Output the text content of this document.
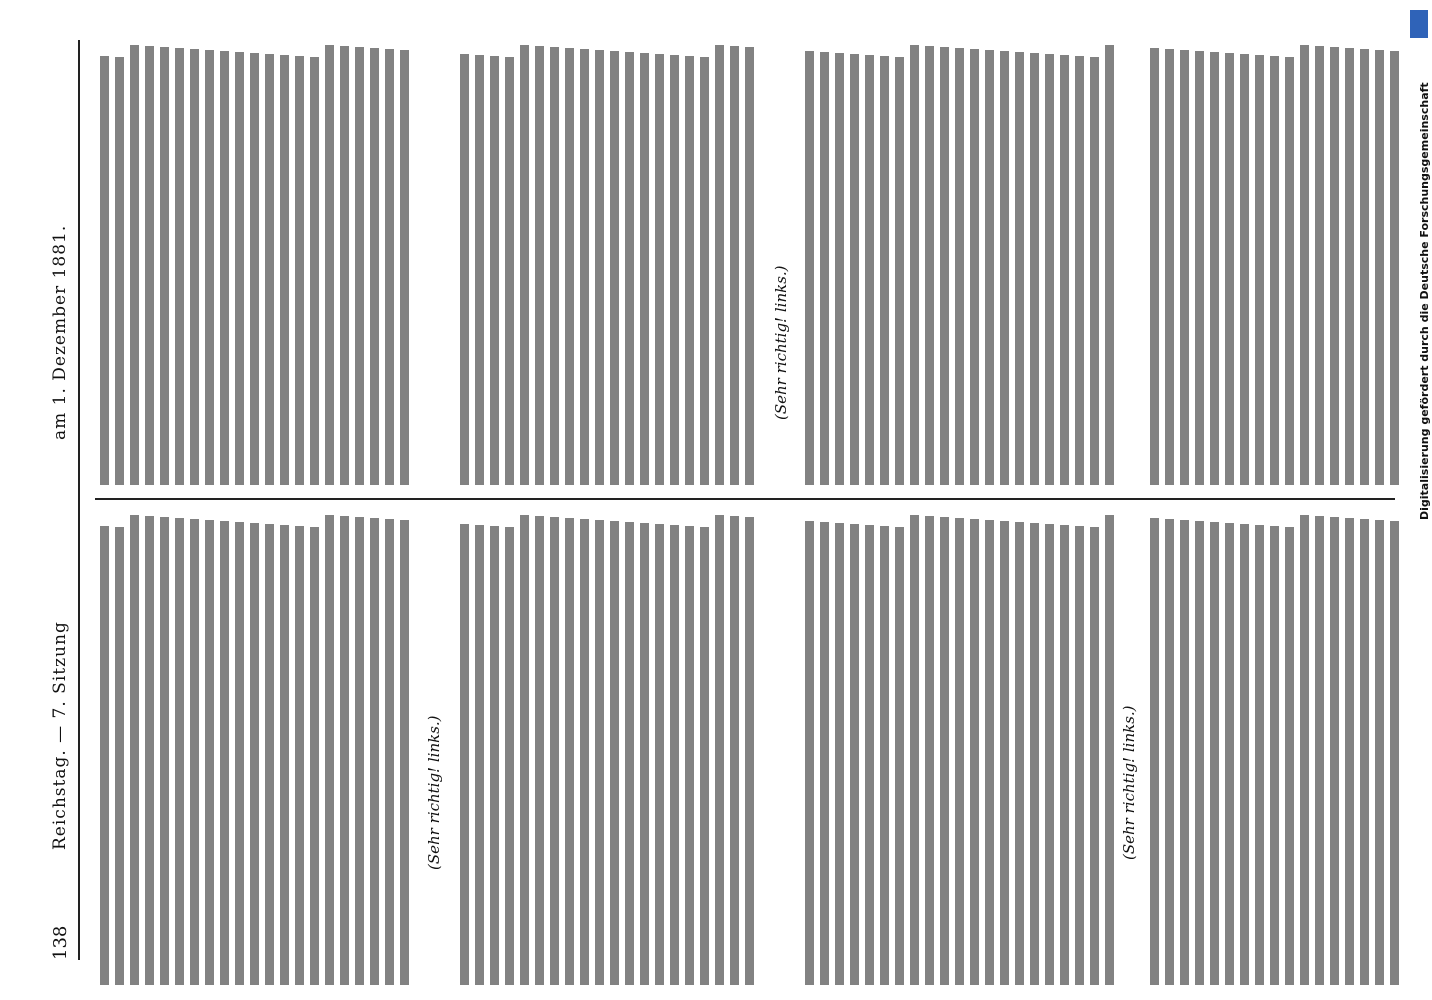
138
Reichstag. — 7. Sitzung
am 1. Dezember 1881.
(Sehr richtig! links.)
(Sehr richtig! links.)
(Sehr richtig! links.)
Digitalisierung gefördert durch die Deutsche Forschungsgemeinschaft
